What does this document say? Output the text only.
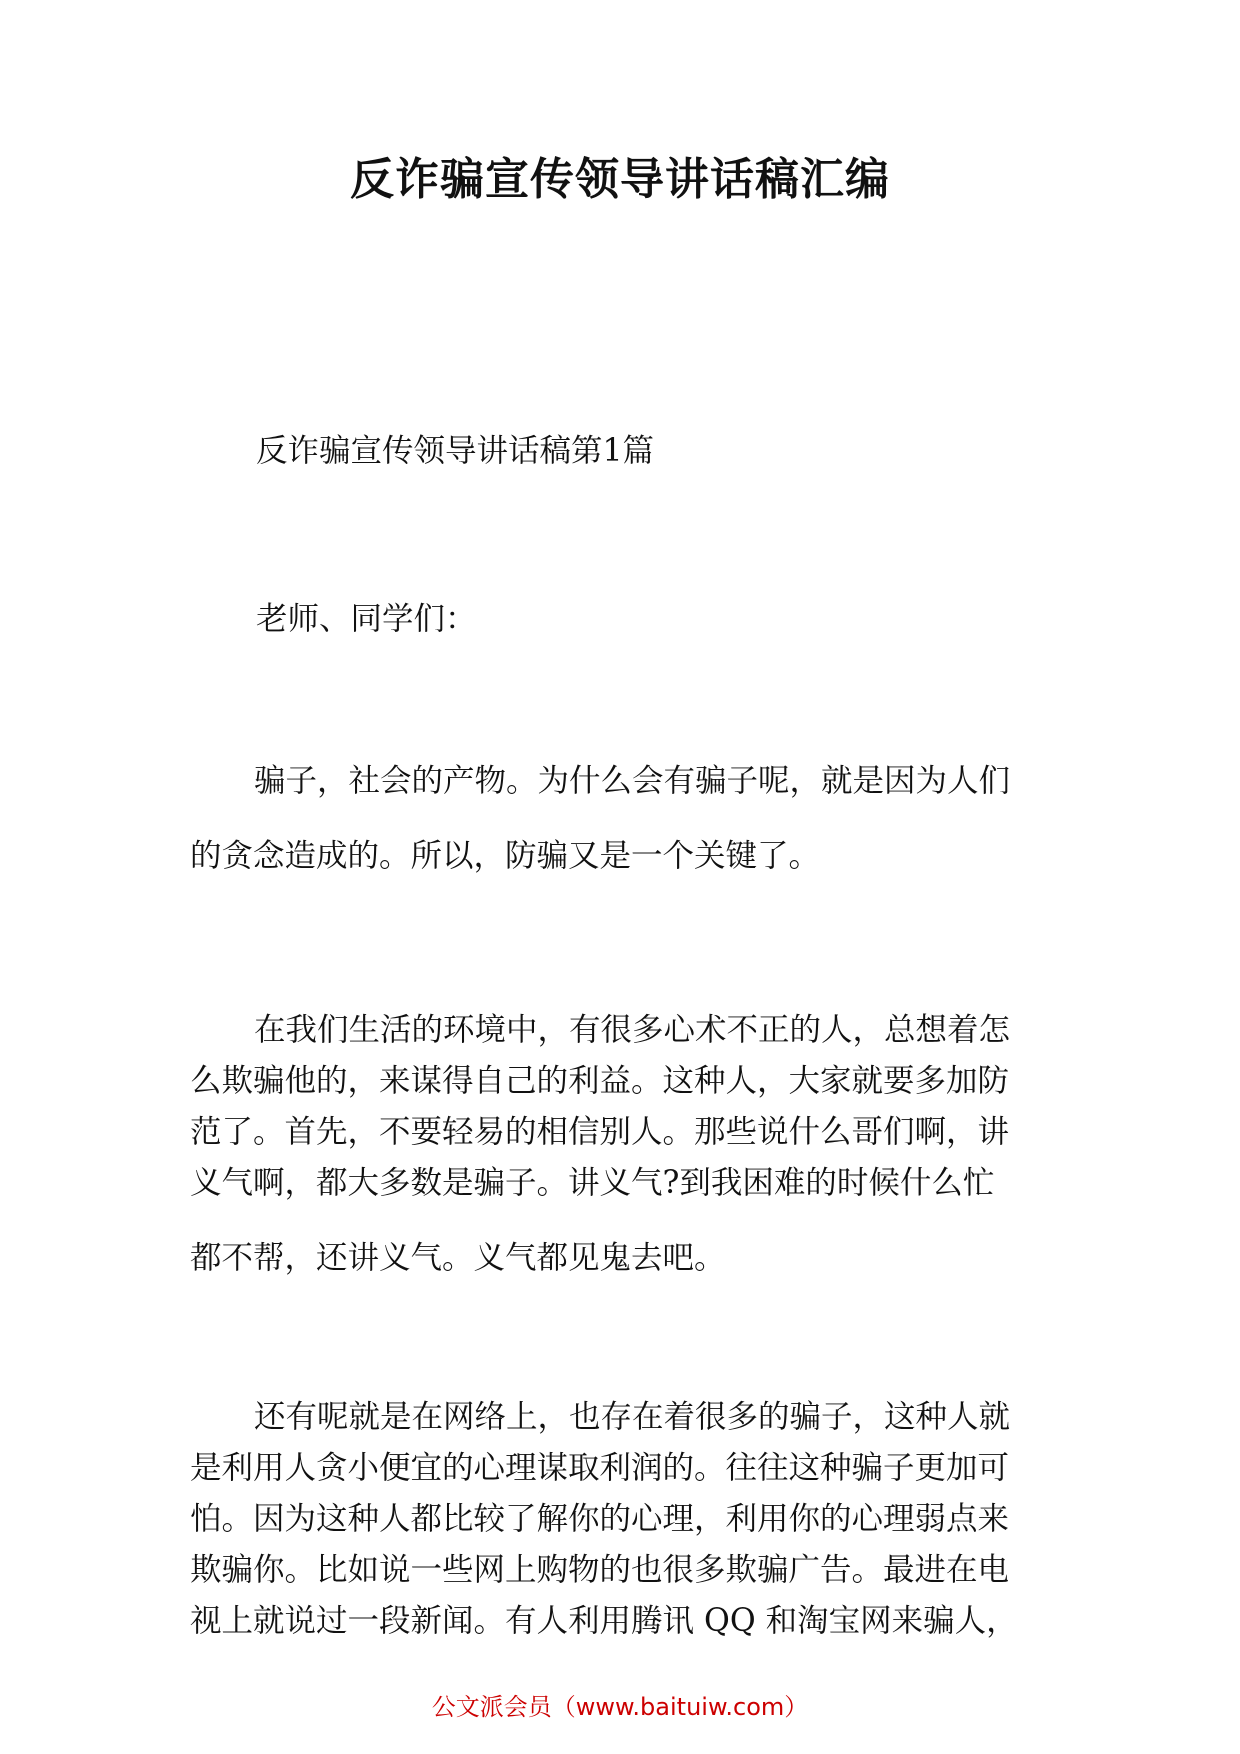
反诈骗宣传领导讲话稿汇编
反诈骗宣传领导讲话稿第1篇
老师、同学们：
骗子，社会的产物。为什么会有骗子呢，就是因为人们
的贪念造成的。所以，防骗又是一个关键了。
在我们生活的环境中，有很多心术不正的人，总想着怎
么欺骗他的，来谋得自己的利益。这种人，大家就要多加防
范了。首先，不要轻易的相信别人。那些说什么哥们啊，讲
义气啊，都大多数是骗子。讲义气?到我困难的时候什么忙
都不帮，还讲义气。义气都见鬼去吧。
还有呢就是在网络上，也存在着很多的骗子，这种人就
是利用人贪小便宜的心理谋取利润的。往往这种骗子更加可
怕。因为这种人都比较了解你的心理，利用你的心理弱点来
欺骗你。比如说一些网上购物的也很多欺骗广告。最进在电
视上就说过一段新闻。有人利用腾讯 QQ 和淘宝网来骗人，
公文派会员（www.baituiw.com）
